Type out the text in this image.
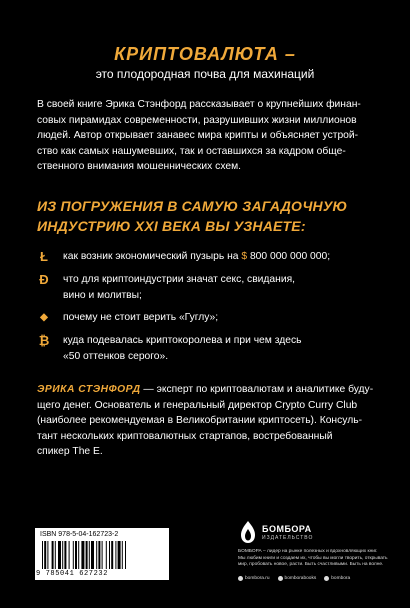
КРИПТОВАЛЮТА –
это плодородная почва для махинаций
В своей книге Эрика Стэнфорд рассказывает о крупнейших финан-
совых пирамидах современности, разрушивших жизни миллионов
людей. Автор открывает занавес мира крипты и объясняет устрой-
ство как самых нашумевших, так и оставшихся за кадром обще-
ственного внимания мошеннических схем.
ИЗ ПОГРУЖЕНИЯ В САМУЮ ЗАГАДОЧНУЮ
ИНДУСТРИЮ XXI ВЕКА ВЫ УЗНАЕТЕ:
Ł как возник экономический пузырь на $ 800 000 000 000;
Đ что для криптоиндустрии значат секс, свидания,
вино и молитвы;
◆	почему не стоит верить «Гуглу»;
₿ куда подевалась криптокоролева и при чем здесь
«50 оттенков серого».
ЭРИКА СТЭНФОРД — эксперт по криптовалютам и аналитике буду-
щего денег. Основатель и генеральный директор Crypto Curry Club
(наиболее рекомендуемая в Великобритании криптосеть). Консуль-
тант нескольких криптовалютных стартапов, востребованный
спикер The E.
ISBN 978-5-04-162723-2
9 785041 627232
БОМБОРА
ИЗДАТЕЛЬСТВО
БОМБОРА – лидер на рынке полезных и вдохновляющих книг.
Мы любим книги и создаем их, чтобы вы могли творить, открывать
мир, пробовать новое, расти. Быть счастливыми. Быть на волне.
bombora.ru	bomborabooks	bombora
